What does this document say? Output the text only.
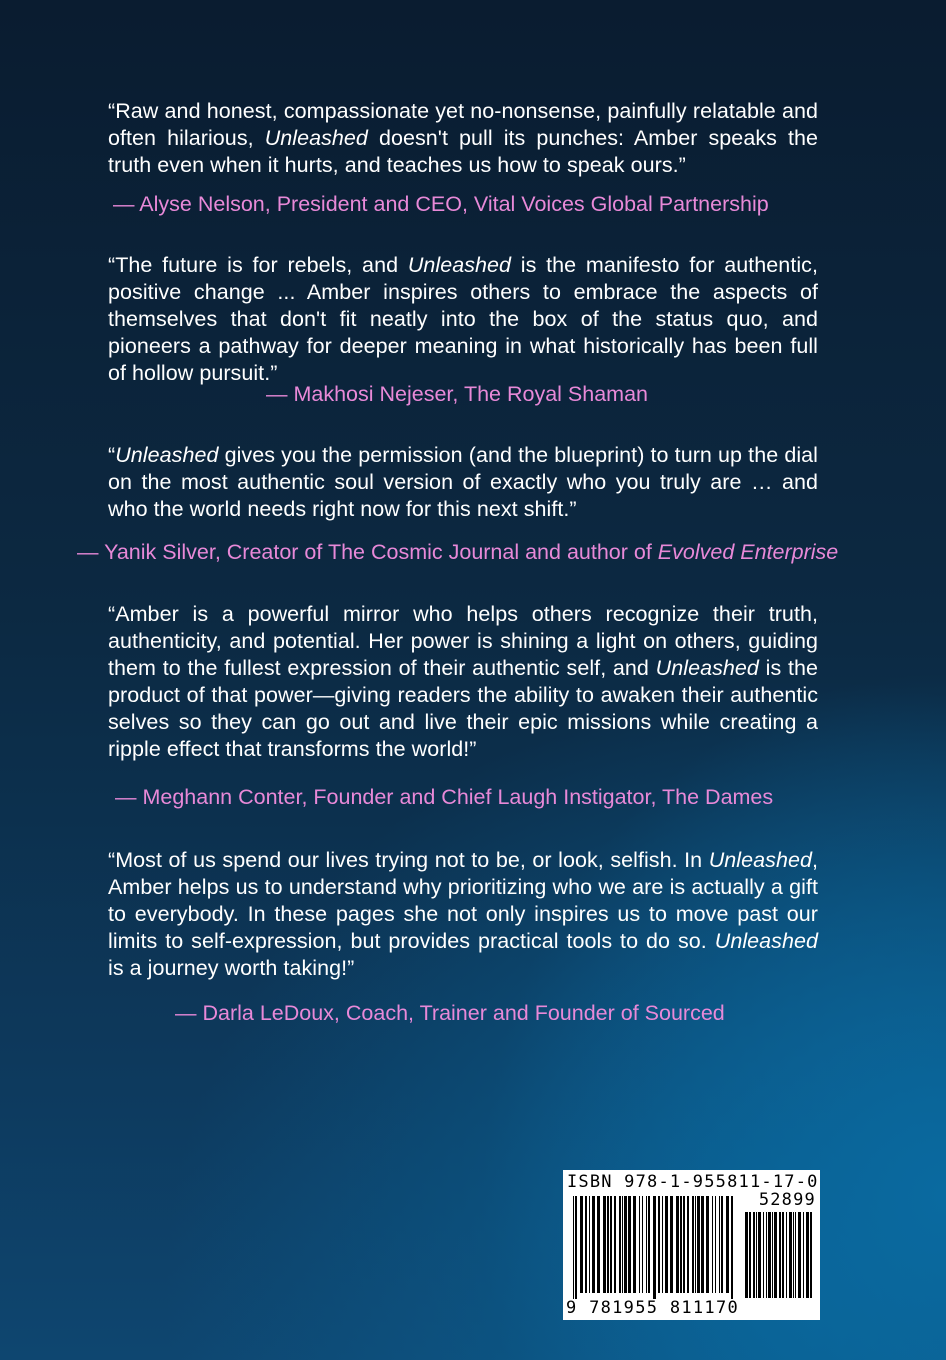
“Raw and honest, compassionate yet no-nonsense, painfully relatable and often hilarious, Unleashed doesn't pull its punches: Amber speaks the truth even when it hurts, and teaches us how to speak ours.”
— Alyse Nelson, President and CEO, Vital Voices Global Partnership
“The future is for rebels, and Unleashed is the manifesto for authentic, positive change ... Amber inspires others to embrace the aspects of themselves that don't fit neatly into the box of the status quo, and pioneers a pathway for deeper meaning in what historically has been full of hollow pursuit.”
— Makhosi Nejeser, The Royal Shaman
“Unleashed gives you the permission (and the blueprint) to turn up the dial on the most authentic soul version of exactly who you truly are … and who the world needs right now for this next shift.”
— Yanik Silver, Creator of The Cosmic Journal and author of Evolved Enterprise
“Amber is a powerful mirror who helps others recognize their truth, authenticity, and potential. Her power is shining a light on others, guiding them to the fullest expression of their authentic self, and Unleashed is the product of that power—giving readers the ability to awaken their authentic selves so they can go out and live their epic missions while creating a ripple effect that transforms the world!”
— Meghann Conter, Founder and Chief Laugh Instigator, The Dames
“Most of us spend our lives trying not to be, or look, selfish. In Unleashed, Amber helps us to understand why prioritizing who we are is actually a gift to everybody. In these pages she not only inspires us to move past our limits to self-expression, but provides practical tools to do so. Unleashed is a journey worth taking!”
— Darla LeDoux, Coach, Trainer and Founder of Sourced
ISBN 978-1-955811-17-0
52899
9 781955 811170
